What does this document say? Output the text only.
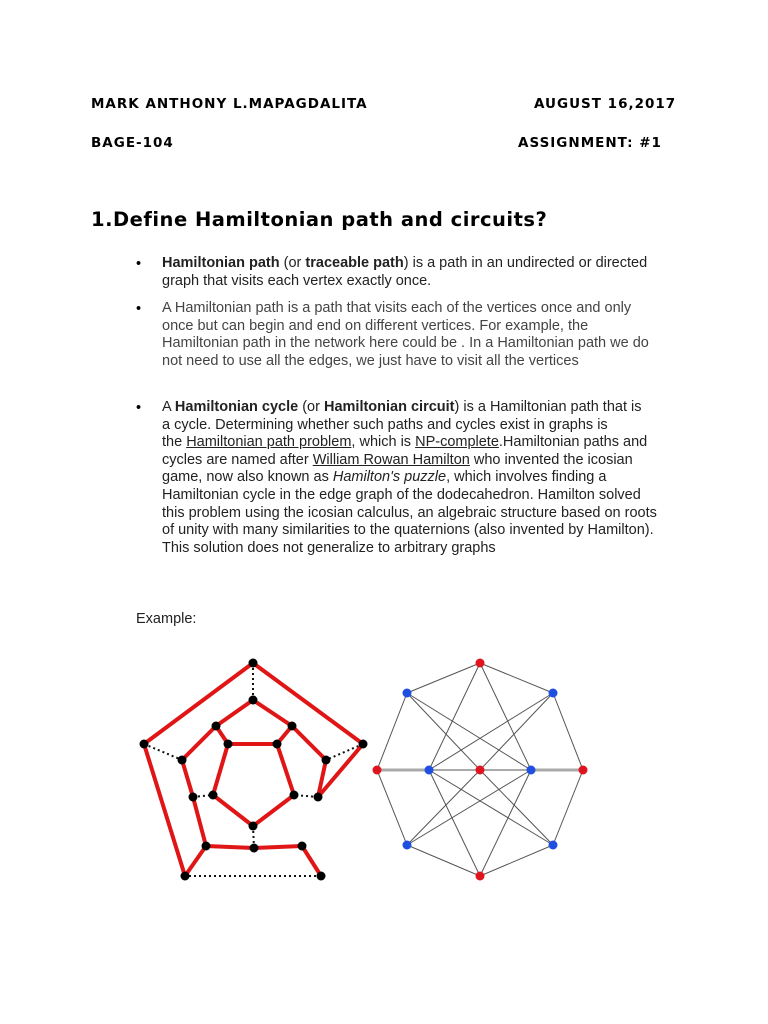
MARK ANTHONY L.MAPAGDALITA	AUGUST 16,2017
BAGE-104	ASSIGNMENT: #1
1.Define Hamiltonian path and circuits?
•	Hamiltonian path (or traceable path) is a path in an undirected or directed
graph that visits each vertex exactly once.
•	A Hamiltonian path is a path that visits each of the vertices once and only
once but can begin and end on different vertices. For example, the
Hamiltonian path in the network here could be . In a Hamiltonian path we do
not need to use all the edges, we just have to visit all the vertices
•	A Hamiltonian cycle (or Hamiltonian circuit) is a Hamiltonian path that is
a cycle. Determining whether such paths and cycles exist in graphs is
the Hamiltonian path problem, which is NP-complete.Hamiltonian paths and
cycles are named after William Rowan Hamilton who invented the icosian
game, now also known as Hamilton's puzzle, which involves finding a
Hamiltonian cycle in the edge graph of the dodecahedron. Hamilton solved
this problem using the icosian calculus, an algebraic structure based on roots
of unity with many similarities to the quaternions (also invented by Hamilton).
This solution does not generalize to arbitrary graphs
Example:
